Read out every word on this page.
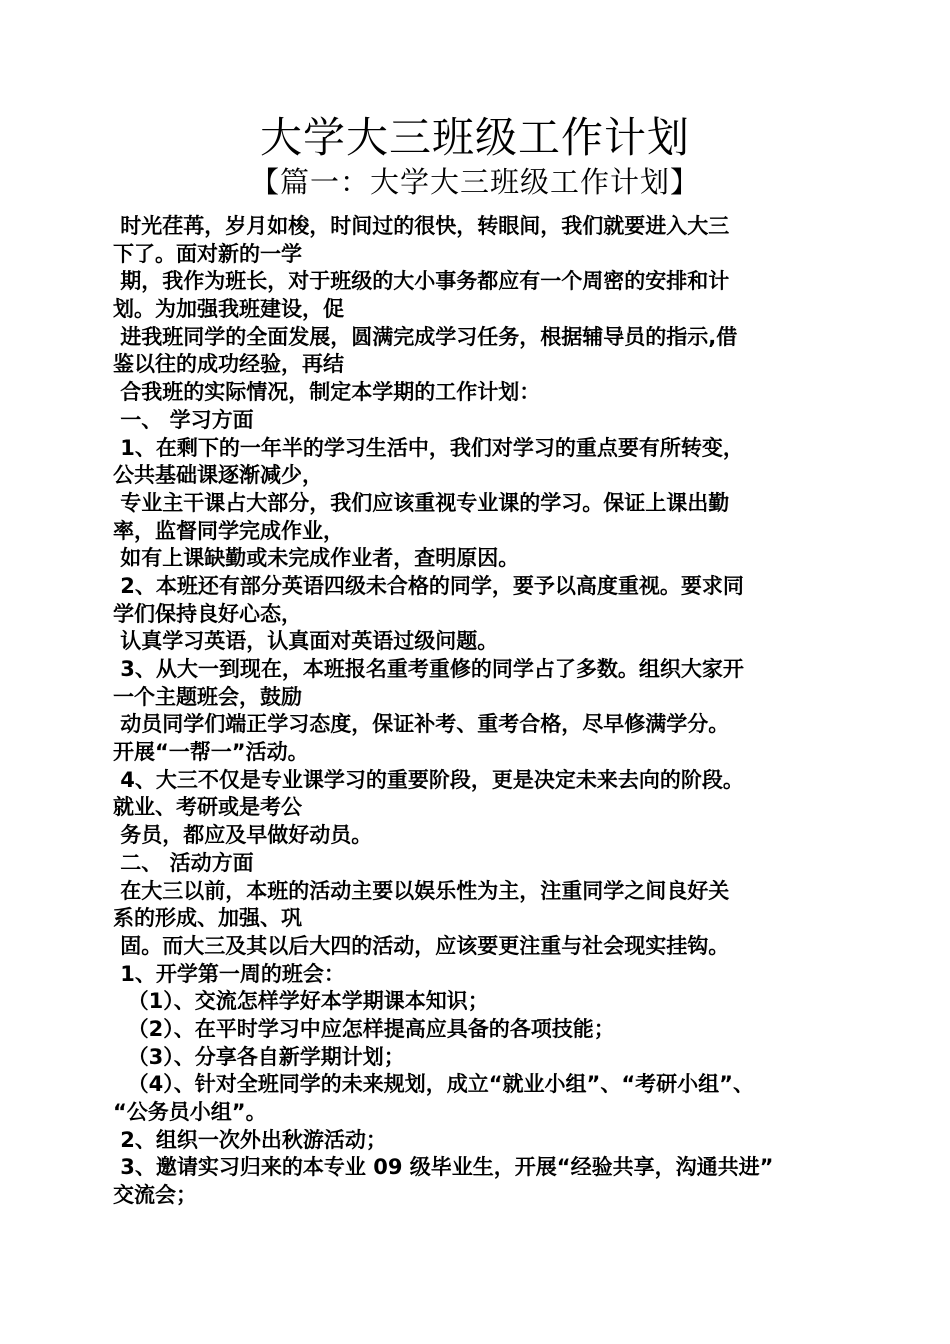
大学大三班级工作计划
【篇一：大学大三班级工作计划】
时光荏苒，岁月如梭，时间过的很快，转眼间，我们就要进入大三
下了。面对新的一学
期，我作为班长，对于班级的大小事务都应有一个周密的安排和计
划。为加强我班建设，促
进我班同学的全面发展，圆满完成学习任务，根据辅导员的指示,借
鉴以往的成功经验，再结
合我班的实际情况，制定本学期的工作计划：
一、 学习方面
1、在剩下的一年半的学习生活中，我们对学习的重点要有所转变，
公共基础课逐渐减少，
专业主干课占大部分，我们应该重视专业课的学习。保证上课出勤
率，监督同学完成作业，
如有上课缺勤或未完成作业者，查明原因。
2、本班还有部分英语四级未合格的同学，要予以高度重视。要求同
学们保持良好心态，
认真学习英语，认真面对英语过级问题。
3、从大一到现在，本班报名重考重修的同学占了多数。组织大家开
一个主题班会，鼓励
动员同学们端正学习态度，保证补考、重考合格，尽早修满学分。
开展“一帮一”活动。
4、大三不仅是专业课学习的重要阶段，更是决定未来去向的阶段。
就业、考研或是考公
务员，都应及早做好动员。
二、 活动方面
在大三以前，本班的活动主要以娱乐性为主，注重同学之间良好关
系的形成、加强、巩
固。而大三及其以后大四的活动，应该要更注重与社会现实挂钩。
1、开学第一周的班会：
（1）、交流怎样学好本学期课本知识；
（2）、在平时学习中应怎样提高应具备的各项技能；
（3）、分享各自新学期计划；
（4）、针对全班同学的未来规划，成立“就业小组”、“考研小组”、
“公务员小组”。
2、组织一次外出秋游活动；
3、邀请实习归来的本专业 09 级毕业生，开展“经验共享，沟通共进”
交流会；
